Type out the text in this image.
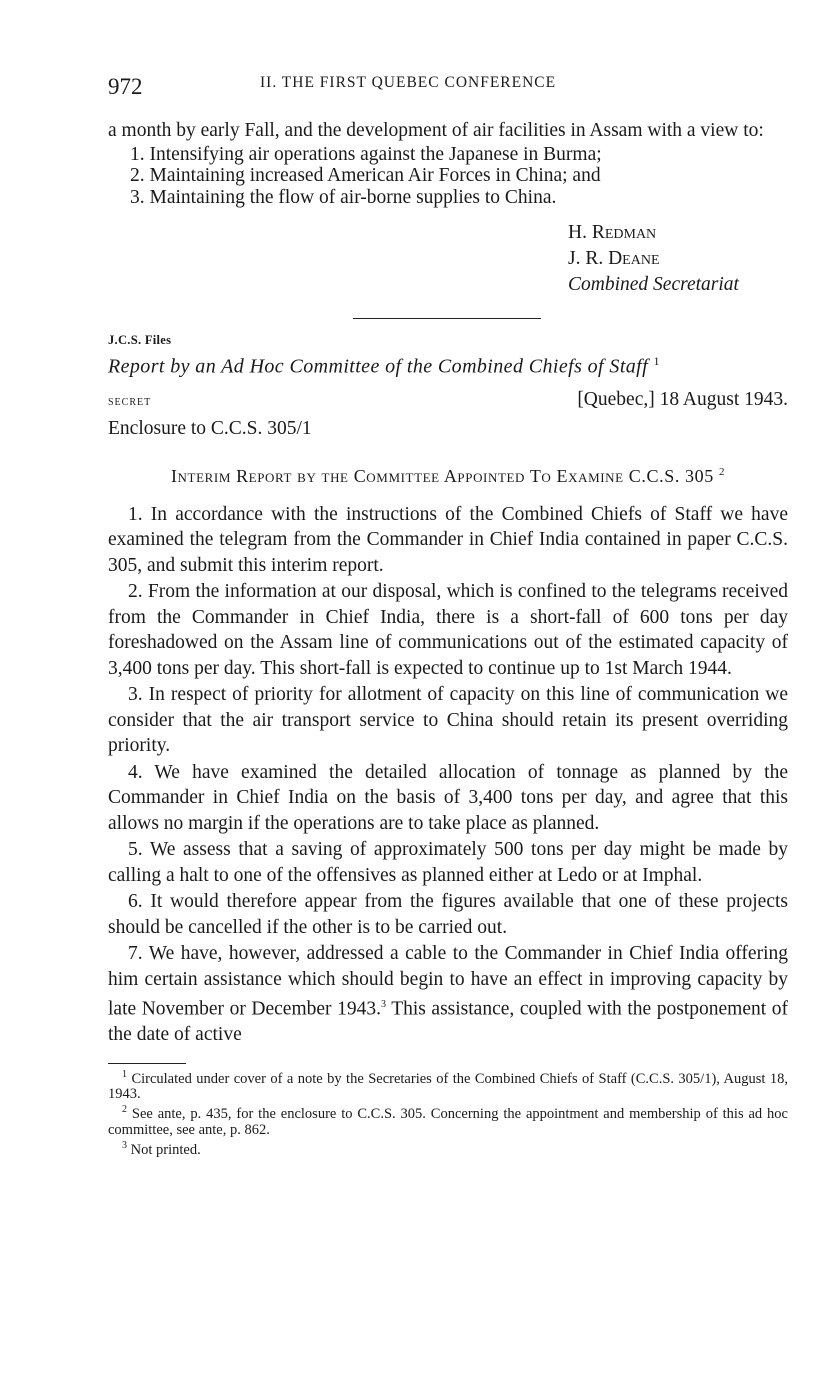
972	II. THE FIRST QUEBEC CONFERENCE

a month by early Fall, and the development of air facilities in Assam with a view to:

1. Intensifying air operations against the Japanese in Burma;
2. Maintaining increased American Air Forces in China; and
3. Maintaining the flow of air-borne supplies to China.
H. Redman
J. R. Deane
Combined Secretariat
J.C.S. Files
Report by an Ad Hoc Committee of the Combined Chiefs of Staff $^1$
secret	[Quebec,] 18 August 1943.
Enclosure to C.C.S. 305/1
Interim Report by the Committee Appointed To Examine C.C.S. 305 $^2$

1. In accordance with the instructions of the Combined Chiefs of Staff we have examined the telegram from the Commander in Chief India contained in paper C.C.S. 305, and submit this interim report.

2. From the information at our disposal, which is confined to the telegrams received from the Commander in Chief India, there is a short-fall of 600 tons per day foreshadowed on the Assam line of communications out of the estimated capacity of 3,400 tons per day. This short-fall is expected to continue up to 1st March 1944.

3. In respect of priority for allotment of capacity on this line of communication we consider that the air transport service to China should retain its present overriding priority.

4. We have examined the detailed allocation of tonnage as planned by the Commander in Chief India on the basis of 3,400 tons per day, and agree that this allows no margin if the operations are to take place as planned.

5. We assess that a saving of approximately 500 tons per day might be made by calling a halt to one of the offensives as planned either at Ledo or at Imphal.

6. It would therefore appear from the figures available that one of these projects should be cancelled if the other is to be carried out.

7. We have, however, addressed a cable to the Commander in Chief India offering him certain assistance which should begin to have an effect in improving capacity by late November or December 1943.$^3$ This assistance, coupled with the postponement of the date of active

$^1$ Circulated under cover of a note by the Secretaries of the Combined Chiefs of Staff (C.C.S. 305/1), August 18, 1943.

$^2$ See ante, p. 435, for the enclosure to C.C.S. 305. Concerning the appointment and membership of this ad hoc committee, see ante, p. 862.

$^3$ Not printed.
